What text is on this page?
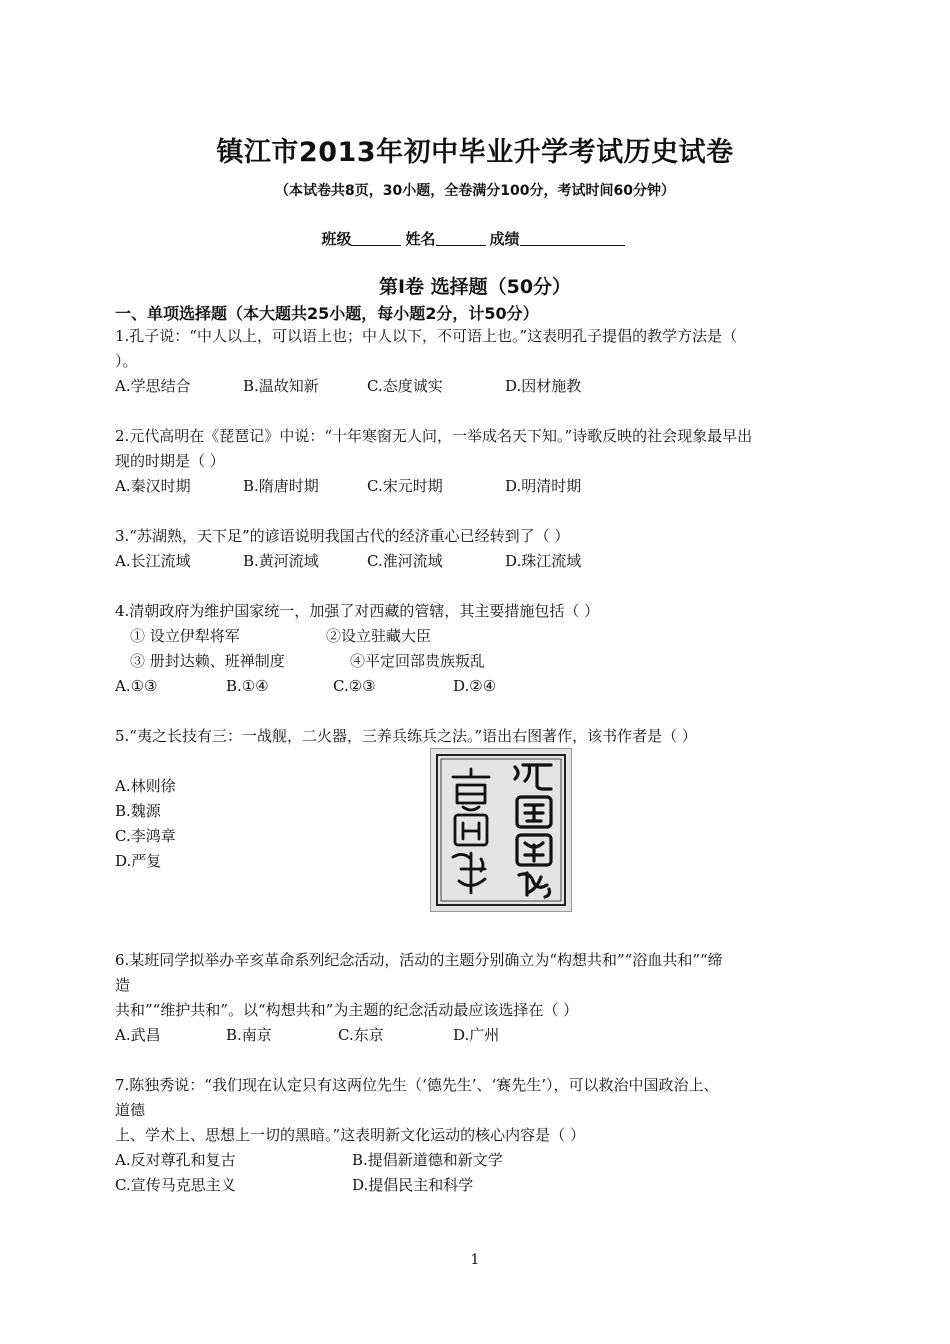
镇江市2013年初中毕业升学考试历史试卷
（本试卷共8页，30小题，全卷满分100分，考试时间60分钟）
班级	姓名	成绩
第Ⅰ卷 选择题（50分）
一、单项选择题（本大题共25小题，每小题2分，计50分）
1.孔子说：“中人以上，可以语上也；中人以下，不可语上也。”这表明孔子提倡的教学方法是（
）。
A.学思结合	B.温故知新	C.态度诚实	D.因材施教
2.元代高明在《琵琶记》中说：“十年寒窗无人问，一举成名天下知。”诗歌反映的社会现象最早出
现的时期是（ ）
A.秦汉时期	B.隋唐时期	C.宋元时期	D.明清时期
3.“苏湖熟，天下足”的谚语说明我国古代的经济重心已经转到了（ ）
A.长江流域	B.黄河流域	C.淮河流域	D.珠江流域
4.清朝政府为维护国家统一，加强了对西藏的管辖，其主要措施包括（ ）
① 设立伊犁将军	②设立驻藏大臣
③ 册封达赖、班禅制度	④平定回部贵族叛乱
A.①③	B.①④	C.②③	D.②④
5.“夷之长技有三：一战舰，二火器，三养兵练兵之法。”语出右图著作，该书作者是（ ）
A.林则徐
B.魏源
C.李鸿章
D.严复
6.某班同学拟举办辛亥革命系列纪念活动，活动的主题分别确立为“构想共和”“浴血共和”“缔
造
共和”“维护共和”。以“构想共和”为主题的纪念活动最应该选择在（ ）
A.武昌	B.南京	C.东京	D.广州
7.陈独秀说：“我们现在认定只有这两位先生（‘德先生’、‘赛先生’），可以救治中国政治上、
道德
上、学术上、思想上一切的黑暗。”这表明新文化运动的核心内容是（ ）
A.反对尊孔和复古	B.提倡新道德和新文学
C.宣传马克思主义	D.提倡民主和科学
1
